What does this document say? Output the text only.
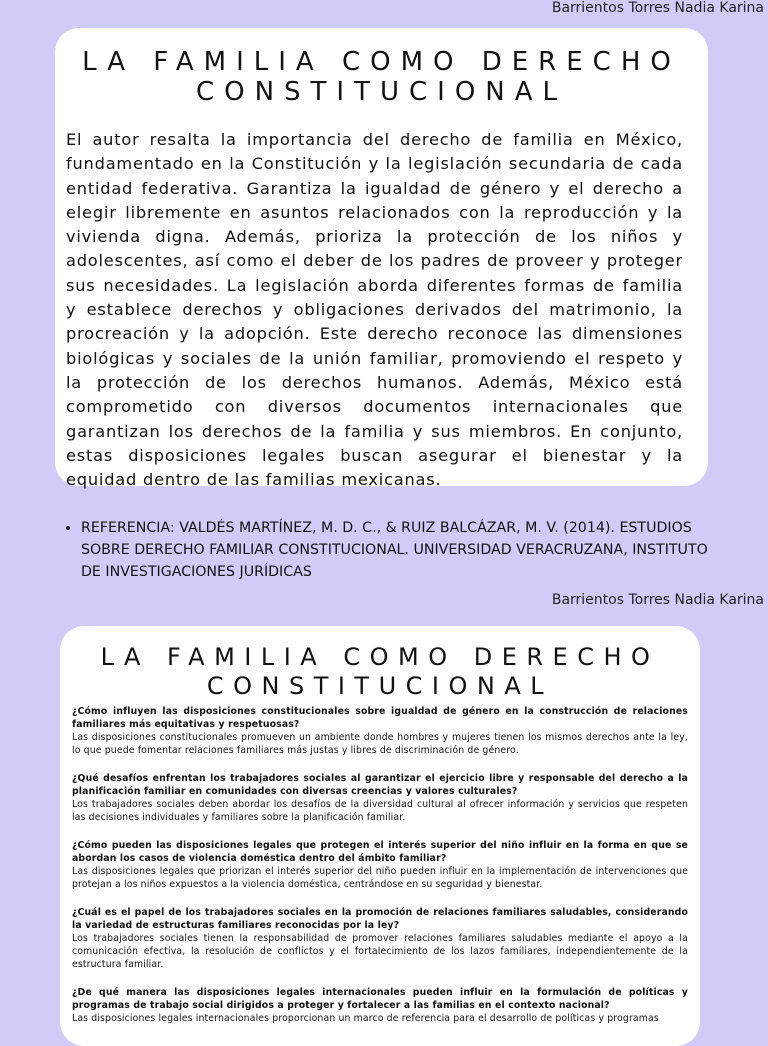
Barrientos Torres Nadia Karina

LA FAMILIA COMO DERECHO
CONSTITUCIONAL

El autor resalta la importancia del derecho de familia en México, fundamentado en la Constitución y la legislación secundaria de cada entidad federativa. Garantiza la igualdad de género y el derecho a elegir libremente en asuntos relacionados con la reproducción y la vivienda digna. Además, prioriza la protección de los niños y adolescentes, así como el deber de los padres de proveer y proteger sus necesidades. La legislación aborda diferentes formas de familia y establece derechos y obligaciones derivados del matrimonio, la procreación y la adopción. Este derecho reconoce las dimensiones biológicas y sociales de la unión familiar, promoviendo el respeto y la protección de los derechos humanos. Además, México está comprometido con diversos documentos internacionales que garantizan los derechos de la familia y sus miembros. En conjunto, estas disposiciones legales buscan asegurar el bienestar y la equidad dentro de las familias mexicanas.

• REFERENCIA: VALDÉS MARTÍNEZ, M. D. C., & RUIZ BALCÁZAR, M. V. (2014). ESTUDIOS SOBRE DERECHO FAMILIAR CONSTITUCIONAL. UNIVERSIDAD VERACRUZANA, INSTITUTO DE INVESTIGACIONES JURÍDICAS
Barrientos Torres Nadia Karina

LA FAMILIA COMO DERECHO
CONSTITUCIONAL

¿Cómo influyen las disposiciones constitucionales sobre igualdad de género en la construcción de relaciones familiares más equitativas y respetuosas?

Las disposiciones constitucionales promueven un ambiente donde hombres y mujeres tienen los mismos derechos ante la ley, lo que puede fomentar relaciones familiares más justas y libres de discriminación de género.

¿Qué desafíos enfrentan los trabajadores sociales al garantizar el ejercicio libre y responsable del derecho a la planificación familiar en comunidades con diversas creencias y valores culturales?

Los trabajadores sociales deben abordar los desafíos de la diversidad cultural al ofrecer información y servicios que respeten las decisiones individuales y familiares sobre la planificación familiar.

¿Cómo pueden las disposiciones legales que protegen el interés superior del niño influir en la forma en que se abordan los casos de violencia doméstica dentro del ámbito familiar?

Las disposiciones legales que priorizan el interés superior del niño pueden influir en la implementación de intervenciones que protejan a los niños expuestos a la violencia doméstica, centrándose en su seguridad y bienestar.

¿Cuál es el papel de los trabajadores sociales en la promoción de relaciones familiares saludables, considerando la variedad de estructuras familiares reconocidas por la ley?

Los trabajadores sociales tienen la responsabilidad de promover relaciones familiares saludables mediante el apoyo a la comunicación efectiva, la resolución de conflictos y el fortalecimiento de los lazos familiares, independientemente de la estructura familiar.

¿De qué manera las disposiciones legales internacionales pueden influir en la formulación de políticas y programas de trabajo social dirigidos a proteger y fortalecer a las familias en el contexto nacional?

Las disposiciones legales internacionales proporcionan un marco de referencia para el desarrollo de políticas y programas
